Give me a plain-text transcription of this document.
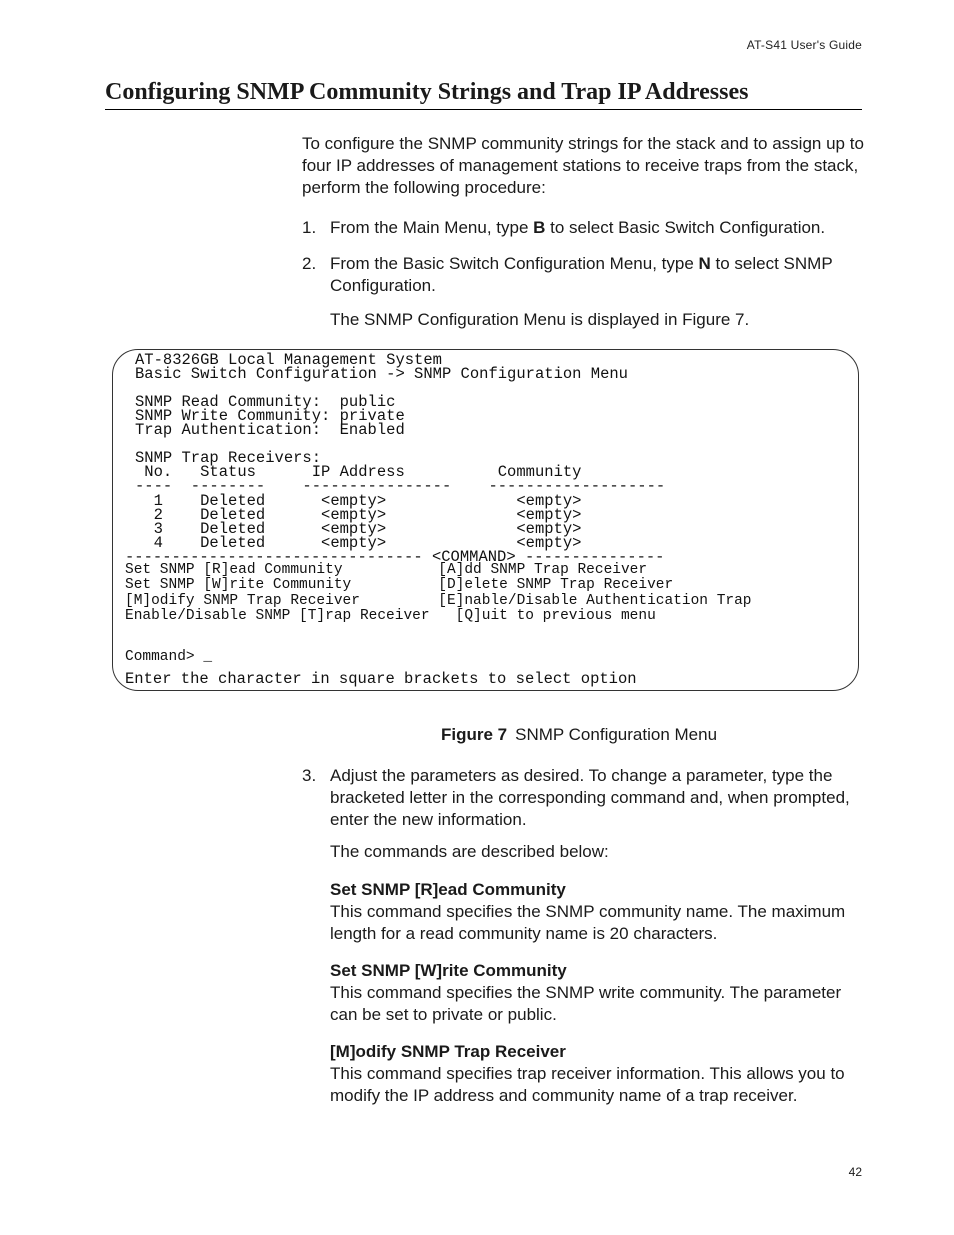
AT-S41 User's Guide
Configuring SNMP Community Strings and Trap IP Addresses
To configure the SNMP community strings for the stack and to assign up to four IP addresses of management stations to receive traps from the stack, perform the following procedure:
1. From the Main Menu, type B to select Basic Switch Configuration.
2. From the Basic Switch Configuration Menu, type N to select SNMP Configuration.
The SNMP Configuration Menu is displayed in Figure 7.
AT-8326GB Local Management System
Basic Switch Configuration -> SNMP Configuration Menu
SNMP Read Community:  public
SNMP Write Community: private
Trap Authentication:  Enabled
SNMP Trap Receivers:
No.   Status      IP Address          Community
----  --------    ----------------    -------------------
1    Deleted      <empty>              <empty>
2    Deleted      <empty>              <empty>
3    Deleted      <empty>              <empty>
4    Deleted      <empty>              <empty>
-------------------------------- <COMMAND> ---------------
Set SNMP [R]ead Community           [A]dd SNMP Trap Receiver
Set SNMP [W]rite Community          [D]elete SNMP Trap Receiver
[M]odify SNMP Trap Receiver         [E]nable/Disable Authentication Trap
Enable/Disable SNMP [T]rap Receiver   [Q]uit to previous menu
Command> _
Enter the character in square brackets to select option
Figure 7 SNMP Configuration Menu
3. Adjust the parameters as desired. To change a parameter, type the bracketed letter in the corresponding command and, when prompted, enter the new information.
The commands are described below:
Set SNMP [R]ead Community
This command specifies the SNMP community name. The maximum length for a read community name is 20 characters.
Set SNMP [W]rite Community
This command specifies the SNMP write community. The parameter can be set to private or public.
[M]odify SNMP Trap Receiver
This command specifies trap receiver information. This allows you to modify the IP address and community name of a trap receiver.
42
